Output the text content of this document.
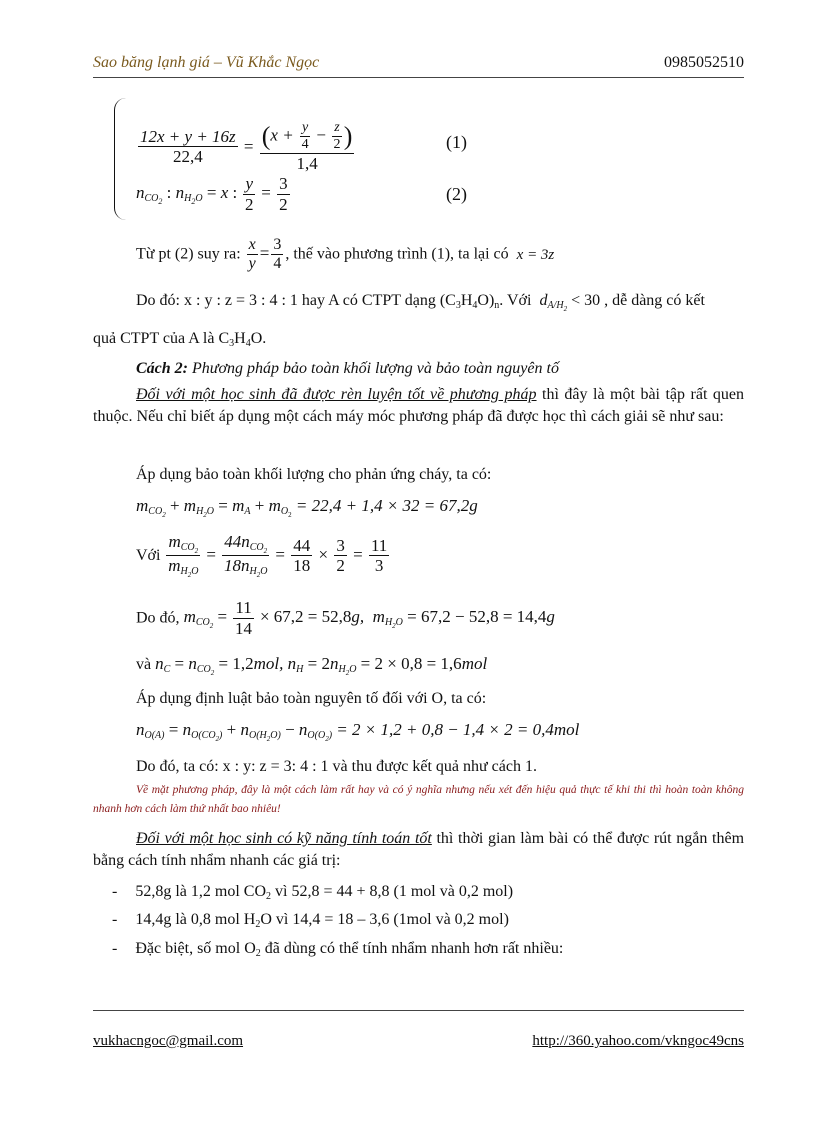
Sao băng lạnh giá – Vũ Khắc Ngọc	0985052510
$\frac{12x + y + 16z}{22,4} = \frac{(x + \frac{y}{4} - \frac{z}{2} )}{1,4}$	(1)
$n_{CO_2}$ : $n_{H_2O} = x$ : $\frac{y}{2} = \frac{3}{2}$	(2)
Từ pt (2) suy ra: $\frac{x}{y} = \frac{3}{4}$ , thế vào phương trình (1), ta lại có x = 3z
Do đó: x : y : z = 3 : 4 : 1 hay A có CTPT dạng $(C_3H_4O)_n$. Với $d_{A/H_2} < 30$ , dễ dàng có kết
quả CTPT của A là $C_3H_4O$.
Cách 2: Phương pháp bảo toàn khối lượng và bảo toàn nguyên tố
Đối với một học sinh đã được rèn luyện tốt về phương pháp thì đây là một bài tập rất quen thuộc. Nếu chỉ biết áp dụng một cách máy móc phương pháp đã được học thì cách giải sẽ như sau:
Áp dụng bảo toàn khối lượng cho phản ứng cháy, ta có:
$m_{CO_2} + m_{H_2O} = m_A + m_{O_2} = 22,4 + 1,4 \times 32 = 67,2g$
Với $\frac{m_{CO_2}}{m_{H_2O}} = \frac{44n_{CO_2}}{18n_{H_2O}} = \frac{44}{18} \times \frac{3}{2} = \frac{11}{3}$
Do đó, $m_{CO_2} = \frac{11}{14} \times 67,2 = 52,8g$,  $m_{H_2O} = 67,2 - 52,8 = 14,4g$
và $n_C = n_{CO_2} = 1,2mol$, $n_H = 2n_{H_2O} = 2 \times 0,8 = 1,6mol$
Áp dụng định luật bảo toàn nguyên tố đối với O, ta có:
$n_{O(A)} = n_{O(CO_2)} + n_{O(H_2O)} - n_{O(O_2)} = 2 \times 1,2 + 0,8 - 1,4 \times 2 = 0,4mol$
Do đó, ta có: x : y: z = 3: 4 : 1 và thu được kết quả như cách 1.
Về mặt phương pháp, đây là một cách làm rất hay và có ý nghĩa nhưng nếu xét đến hiệu quả thực tế khi thi thì hoàn toàn không nhanh hơn cách làm thứ nhất bao nhiêu!
Đối với một học sinh có kỹ năng tính toán tốt thì thời gian làm bài có thể được rút ngắn thêm bằng cách tính nhẩm nhanh các giá trị:
- 52,8g là 1,2 mol $CO_2$ vì 52,8 = 44 + 8,8 (1 mol và 0,2 mol)
- 14,4g là 0,8 mol $H_2O$ vì 14,4 = 18 – 3,6 (1mol và 0,2 mol)
- Đặc biệt, số mol $O_2$ đã dùng có thể tính nhẩm nhanh hơn rất nhiều:
vukhacngoc@gmail.com	http://360.yahoo.com/vkngoc49cns
